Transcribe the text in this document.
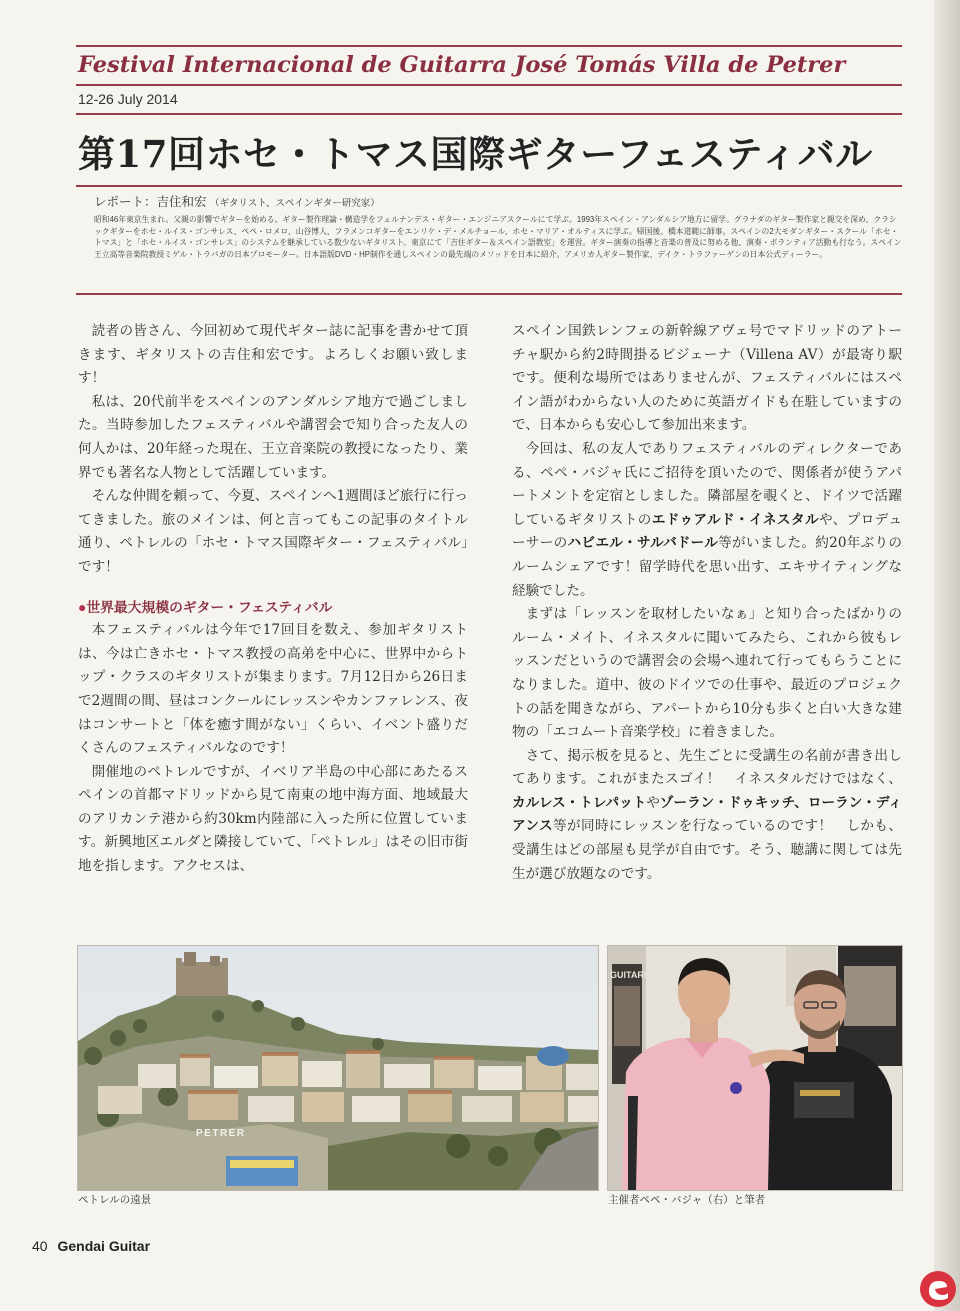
Festival Internacional de Guitarra José Tomás Villa de Petrer
12-26 July 2014
第17回ホセ・トマス国際ギターフェスティバル
レポート：吉住和宏 （ギタリスト、スペインギター研究家）

昭和46年東京生まれ。父親の影響でギターを始める。ギター製作理論・構造学をフェルナンデス・ギター・エンジニアスクールにて学ぶ。1993年スペイン・アンダルシア地方に留学。グラナダのギター製作家と親交を深め、クラシックギターをホセ・ルイス・ゴンサレス、ペペ・ロメロ、山谷博人、フラメンコギターをエンリケ・デ・メルチョール、ホセ・マリア・オルティスに学ぶ。帰国後、橋本道範に師事。スペインの2大モダンギター・スクール「ホセ・トマス」と「ホセ・ルイス・ゴンサレス」のシステムを継承している数少ないギタリスト。東京にて「吉住ギター＆スペイン語教室」を運営。ギター演奏の指導と音楽の普及に努める他、演奏・ボランティア活動も行なう。スペイン王立高等音楽院教授ミゲル・トラパガの日本プロモーター。日本語版DVD・HP制作を通しスペインの最先端のメソッドを日本に紹介。アメリカ人ギター製作家、デイク・トラファーゲンの日本公式ディーラー。

読者の皆さん、今回初めて現代ギター誌に記事を書かせて頂きます、ギタリストの吉住和宏です。よろしくお願い致します！

私は、20代前半をスペインのアンダルシア地方で過ごしました。当時参加したフェスティバルや講習会で知り合った友人の何人かは、20年経った現在、王立音楽院の教授になったり、業界でも著名な人物として活躍しています。

そんな仲間を頼って、今夏、スペインへ1週間ほど旅行に行ってきました。旅のメインは、何と言ってもこの記事のタイトル通り、ペトレルの「ホセ・トマス国際ギター・フェスティバル」です！

●世界最大規模のギター・フェスティバル

本フェスティバルは今年で17回目を数え、参加ギタリストは、今は亡きホセ・トマス教授の高弟を中心に、世界中からトップ・クラスのギタリストが集まります。7月12日から26日まで2週間の間、昼はコンクールにレッスンやカンファレンス、夜はコンサートと「体を癒す間がない」くらい、イベント盛りだくさんのフェスティバルなのです！

開催地のペトレルですが、イベリア半島の中心部にあたるスペインの首都マドリッドから見て南東の地中海方面、地域最大のアリカンテ港から約30km内陸部に入った所に位置しています。新興地区エルダと隣接していて、「ペトレル」はその旧市街地を指します。アクセスは、

スペイン国鉄レンフェの新幹線アヴェ号でマドリッドのアトーチャ駅から約2時間掛るビジェーナ（Villena AV）が最寄り駅です。便利な場所ではありませんが、フェスティバルにはスペイン語がわからない人のために英語ガイドも在駐していますので、日本からも安心して参加出来ます。

今回は、私の友人でありフェスティバルのディレクターである、ペペ・バジャ氏にご招待を頂いたので、関係者が使うアパートメントを定宿としました。隣部屋を覗くと、ドイツで活躍しているギタリストのエドゥアルド・イネスタルや、プロデューサーのハビエル・サルバドール等がいました。約20年ぶりのルームシェアです！留学時代を思い出す、エキサイティングな経験でした。

まずは「レッスンを取材したいなぁ」と知り合ったばかりのルーム・メイト、イネスタルに聞いてみたら、これから彼もレッスンだというので講習会の会場へ連れて行ってもらうことになりました。道中、彼のドイツでの仕事や、最近のプロジェクトの話を聞きながら、アパートから10分も歩くと白い大きな建物の「エコムート音楽学校」に着きました。

さて、掲示板を見ると、先生ごとに受講生の名前が書き出してあります。これがまたスゴイ！　イネスタルだけではなく、カルレス・トレパットやゾーラン・ドゥキッチ、ローラン・ディアンス等が同時にレッスンを行なっているのです！　しかも、受講生はどの部屋も見学が自由です。そう、聴講に関しては先生が選び放題なのです。

PETRER
GUITARRA
ペトレルの遠景	主催者ペペ・バジャ（右）と筆者
40 Gendai Guitar
